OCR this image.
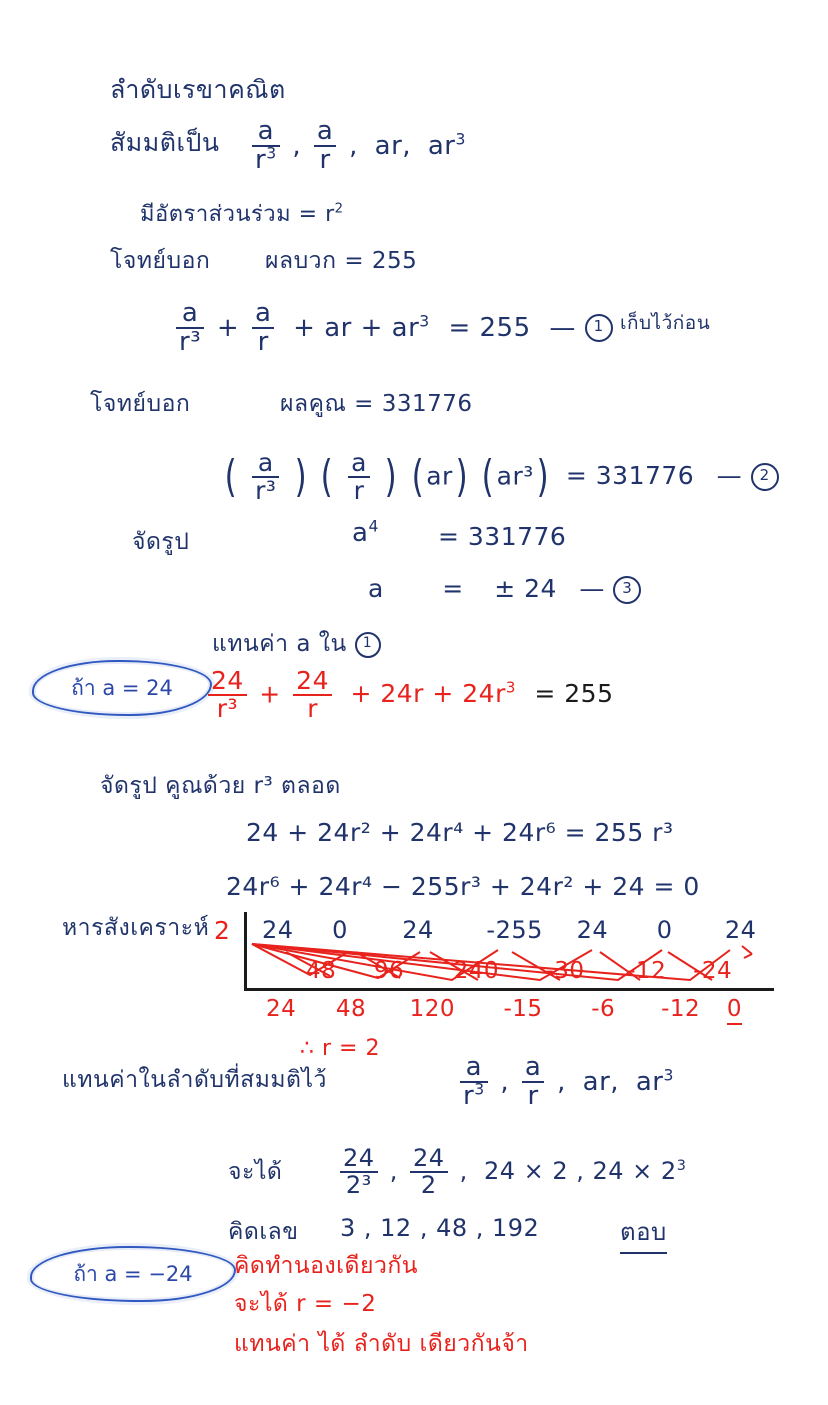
ลำดับเรขาคณิต
สัมมติเป็น $\frac{a}{r^3}$ , $\frac{a}{r}$ , ar, $ar^3$
มีอัตราส่วนร่วม = $r^2$
โจทย์บอก ผลบวก = 255
$\frac{a}{\text{r³}} + \frac{a}{r}$ + ar + $ar^3 = 255$ — 1 เก็บไว้ก่อน
โจทย์บอก	ผลคูณ = 331776
( $\frac{a}{\text{r³}}$ ) ( $\frac{a}{r}$ ) ( ar) ( ar³) = 331776 — 2
จัดรูป	$a^4 = 331776$
a = ± 24 — 3
แทนค่า a ใน 1
ถ้า $a = 24 \frac{24}{\text{r³}} + \frac{24}{r} + 24r + 24r^3 = 255$
จัดรูป คูณด้วย r³ ตลอด
24 + 24r² + 24r⁴ + 24r⁶ = 255 r³
24r⁶ + 24r⁴ − 255r³ + 24r² + 24 = 0
หารสังเคราะห์ 2 24 0 24 -255 24 0 24
48 96 240 -30 -12 -24
24 48 120 -15 -6 -12 0
∴ r = 2
แทนค่าในลำดับที่สมมติไว้	$\frac{a}{r^3}$ , $\frac{a}{r}$ , ar, $ar^3$
จะได้ $\frac{24}{\text{2³}}$ , $\frac{24}{2}$ , 24 × 2 , $24 \times 2^3$
คิดเลข 3 , 12 , 48 , 192	ตอบ
ถ้า a = −24 คิดทำนองเดียวกัน
จะได้ r = −2
แทนค่า ได้ ลำดับ เดียวกันจ้า
